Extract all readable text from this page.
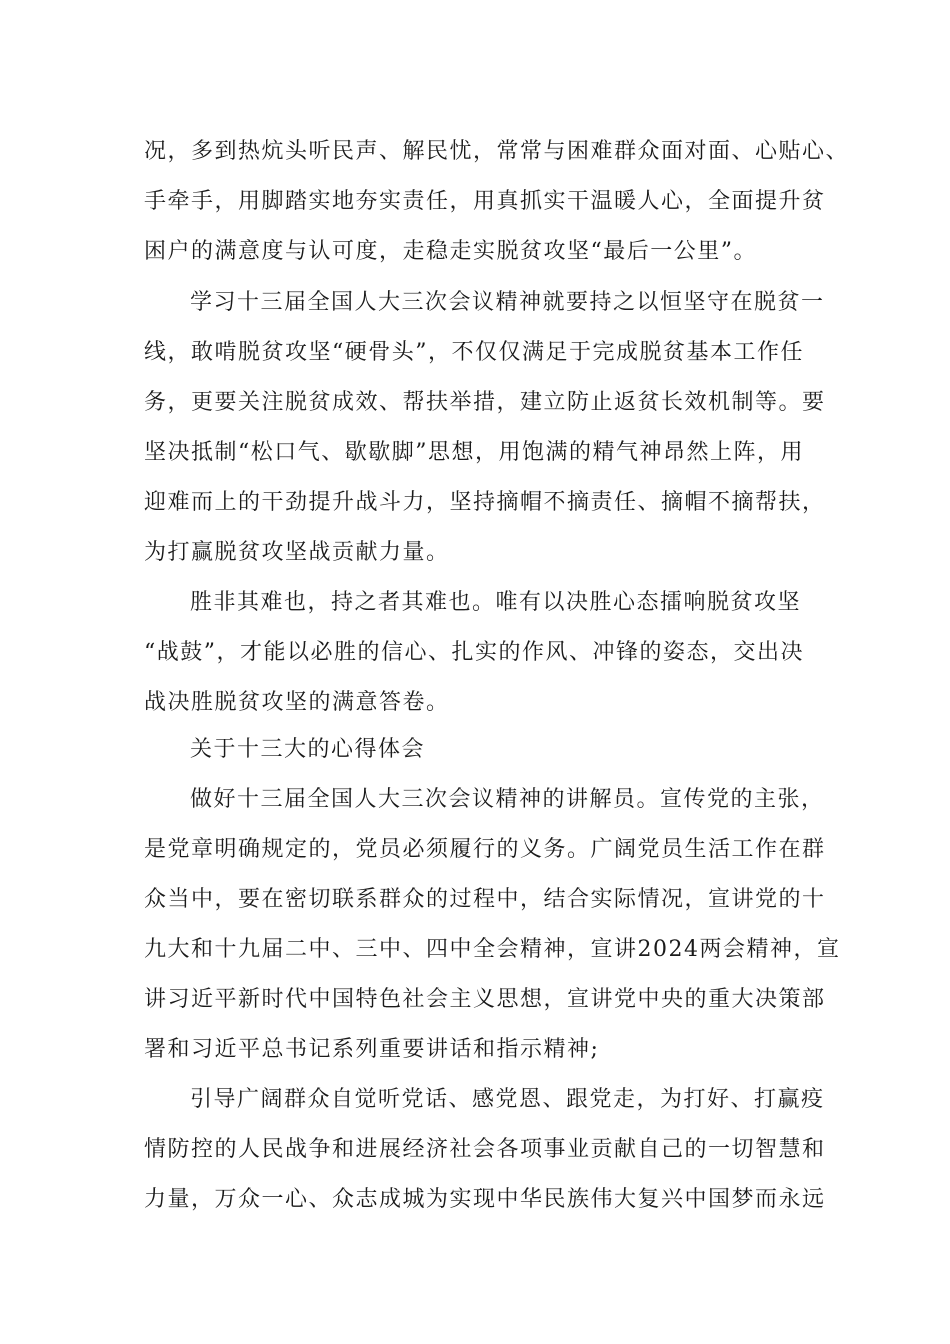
况，多到热炕头听民声、解民忧，常常与困难群众面对面、心贴心、
手牵手，用脚踏实地夯实责任，用真抓实干温暖人心，全面提升贫
困户的满意度与认可度，走稳走实脱贫攻坚“最后一公里”。
学习十三届全国人大三次会议精神就要持之以恒坚守在脱贫一
线，敢啃脱贫攻坚“硬骨头”，不仅仅满足于完成脱贫基本工作任
务，更要关注脱贫成效、帮扶举措，建立防止返贫长效机制等。要
坚决抵制“松口气、歇歇脚”思想，用饱满的精气神昂然上阵，用
迎难而上的干劲提升战斗力，坚持摘帽不摘责任、摘帽不摘帮扶，
为打赢脱贫攻坚战贡献力量。
胜非其难也，持之者其难也。唯有以决胜心态擂响脱贫攻坚
“战鼓”，才能以必胜的信心、扎实的作风、冲锋的姿态，交出决
战决胜脱贫攻坚的满意答卷。
关于十三大的心得体会
做好十三届全国人大三次会议精神的讲解员。宣传党的主张，
是党章明确规定的，党员必须履行的义务。广阔党员生活工作在群
众当中，要在密切联系群众的过程中，结合实际情况，宣讲党的十
九大和十九届二中、三中、四中全会精神，宣讲2024两会精神，宣
讲习近平新时代中国特色社会主义思想，宣讲党中央的重大决策部
署和习近平总书记系列重要讲话和指示精神;
引导广阔群众自觉听党话、感党恩、跟党走，为打好、打赢疫
情防控的人民战争和进展经济社会各项事业贡献自己的一切智慧和
力量，万众一心、众志成城为实现中华民族伟大复兴中国梦而永远
